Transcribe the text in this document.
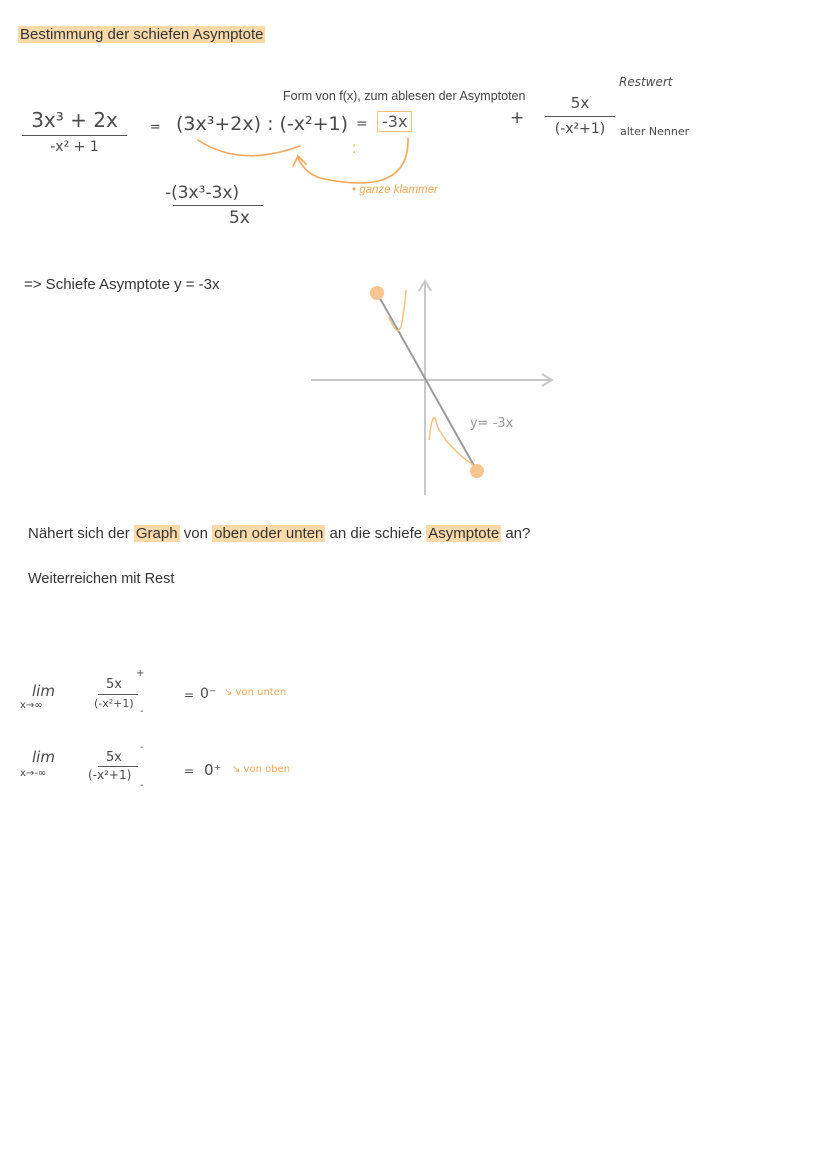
Bestimmung der schiefen Asymptote
Form von f(x), zum ablesen der Asymptoten
3x³ + 2x
-x² + 1
= (3x³+2x) : (-x²+1) = -3x	+
Restwert
5x
(-x²+1)	alter Nenner
:
• ganze klammer
-(3x³-3x)
5x
=> Schiefe Asymptote y = -3x
y= -3x
Nähert sich der Graph von oben oder unten an die schiefe Asymptote an?
Weiterreichen mit Rest
lim
x→∞
+
5x
(-x²+1)
-
= 0⁻ ↘ von unten
lim
x→-∞
-
5x
(-x²+1)
-
= 0⁺ ↘ von oben
